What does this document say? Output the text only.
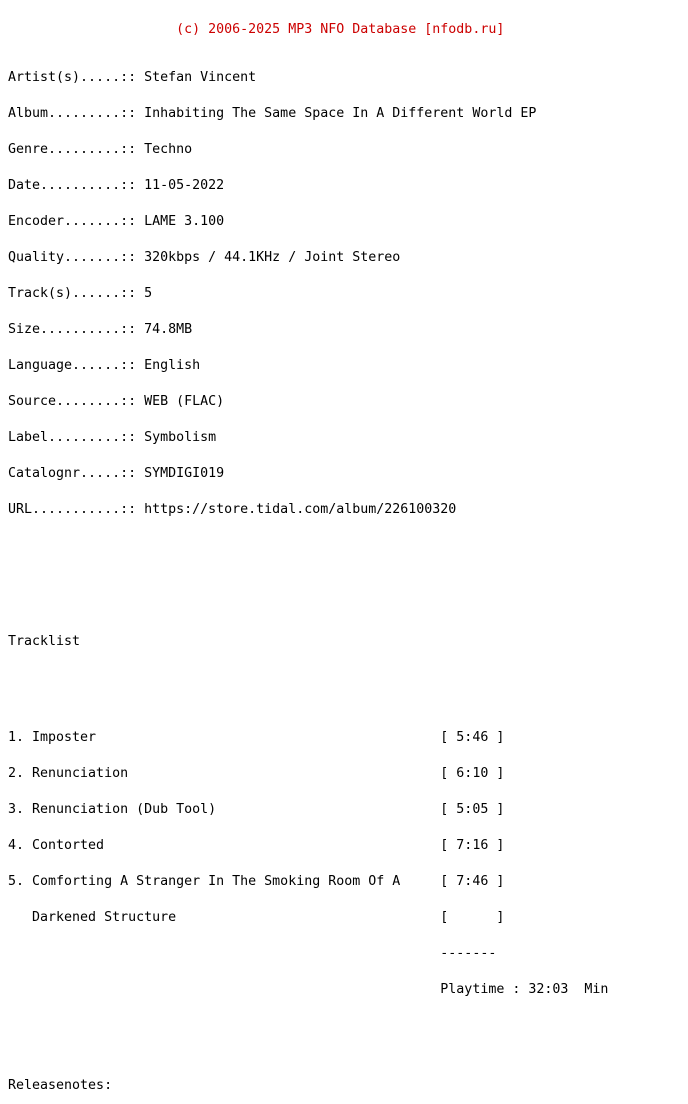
(c) 2006-2025 MP3 NFO Database [nfodb.ru]

Artist(s).....:: Stefan Vincent

Album.........:: Inhabiting The Same Space In A Different World EP

Genre.........:: Techno

Date..........:: 11-05-2022

Encoder.......:: LAME 3.100

Quality.......:: 320kbps / 44.1KHz / Joint Stereo

Track(s)......:: 5

Size..........:: 74.8MB

Language......:: English

Source........:: WEB (FLAC)

Label.........:: Symbolism

Catalognr.....:: SYMDIGI019

URL...........:: https://store.tidal.com/album/226100320

Tracklist

1. Imposter                                           [ 5:46 ]

2. Renunciation                                       [ 6:10 ]

3. Renunciation (Dub Tool)                            [ 5:05 ]

4. Contorted                                          [ 7:16 ]

5. Comforting A Stranger In The Smoking Room Of A     [ 7:46 ]

Darkened Structure                                 [      ]

-------

Playtime : 32:03  Min

Releasenotes:
